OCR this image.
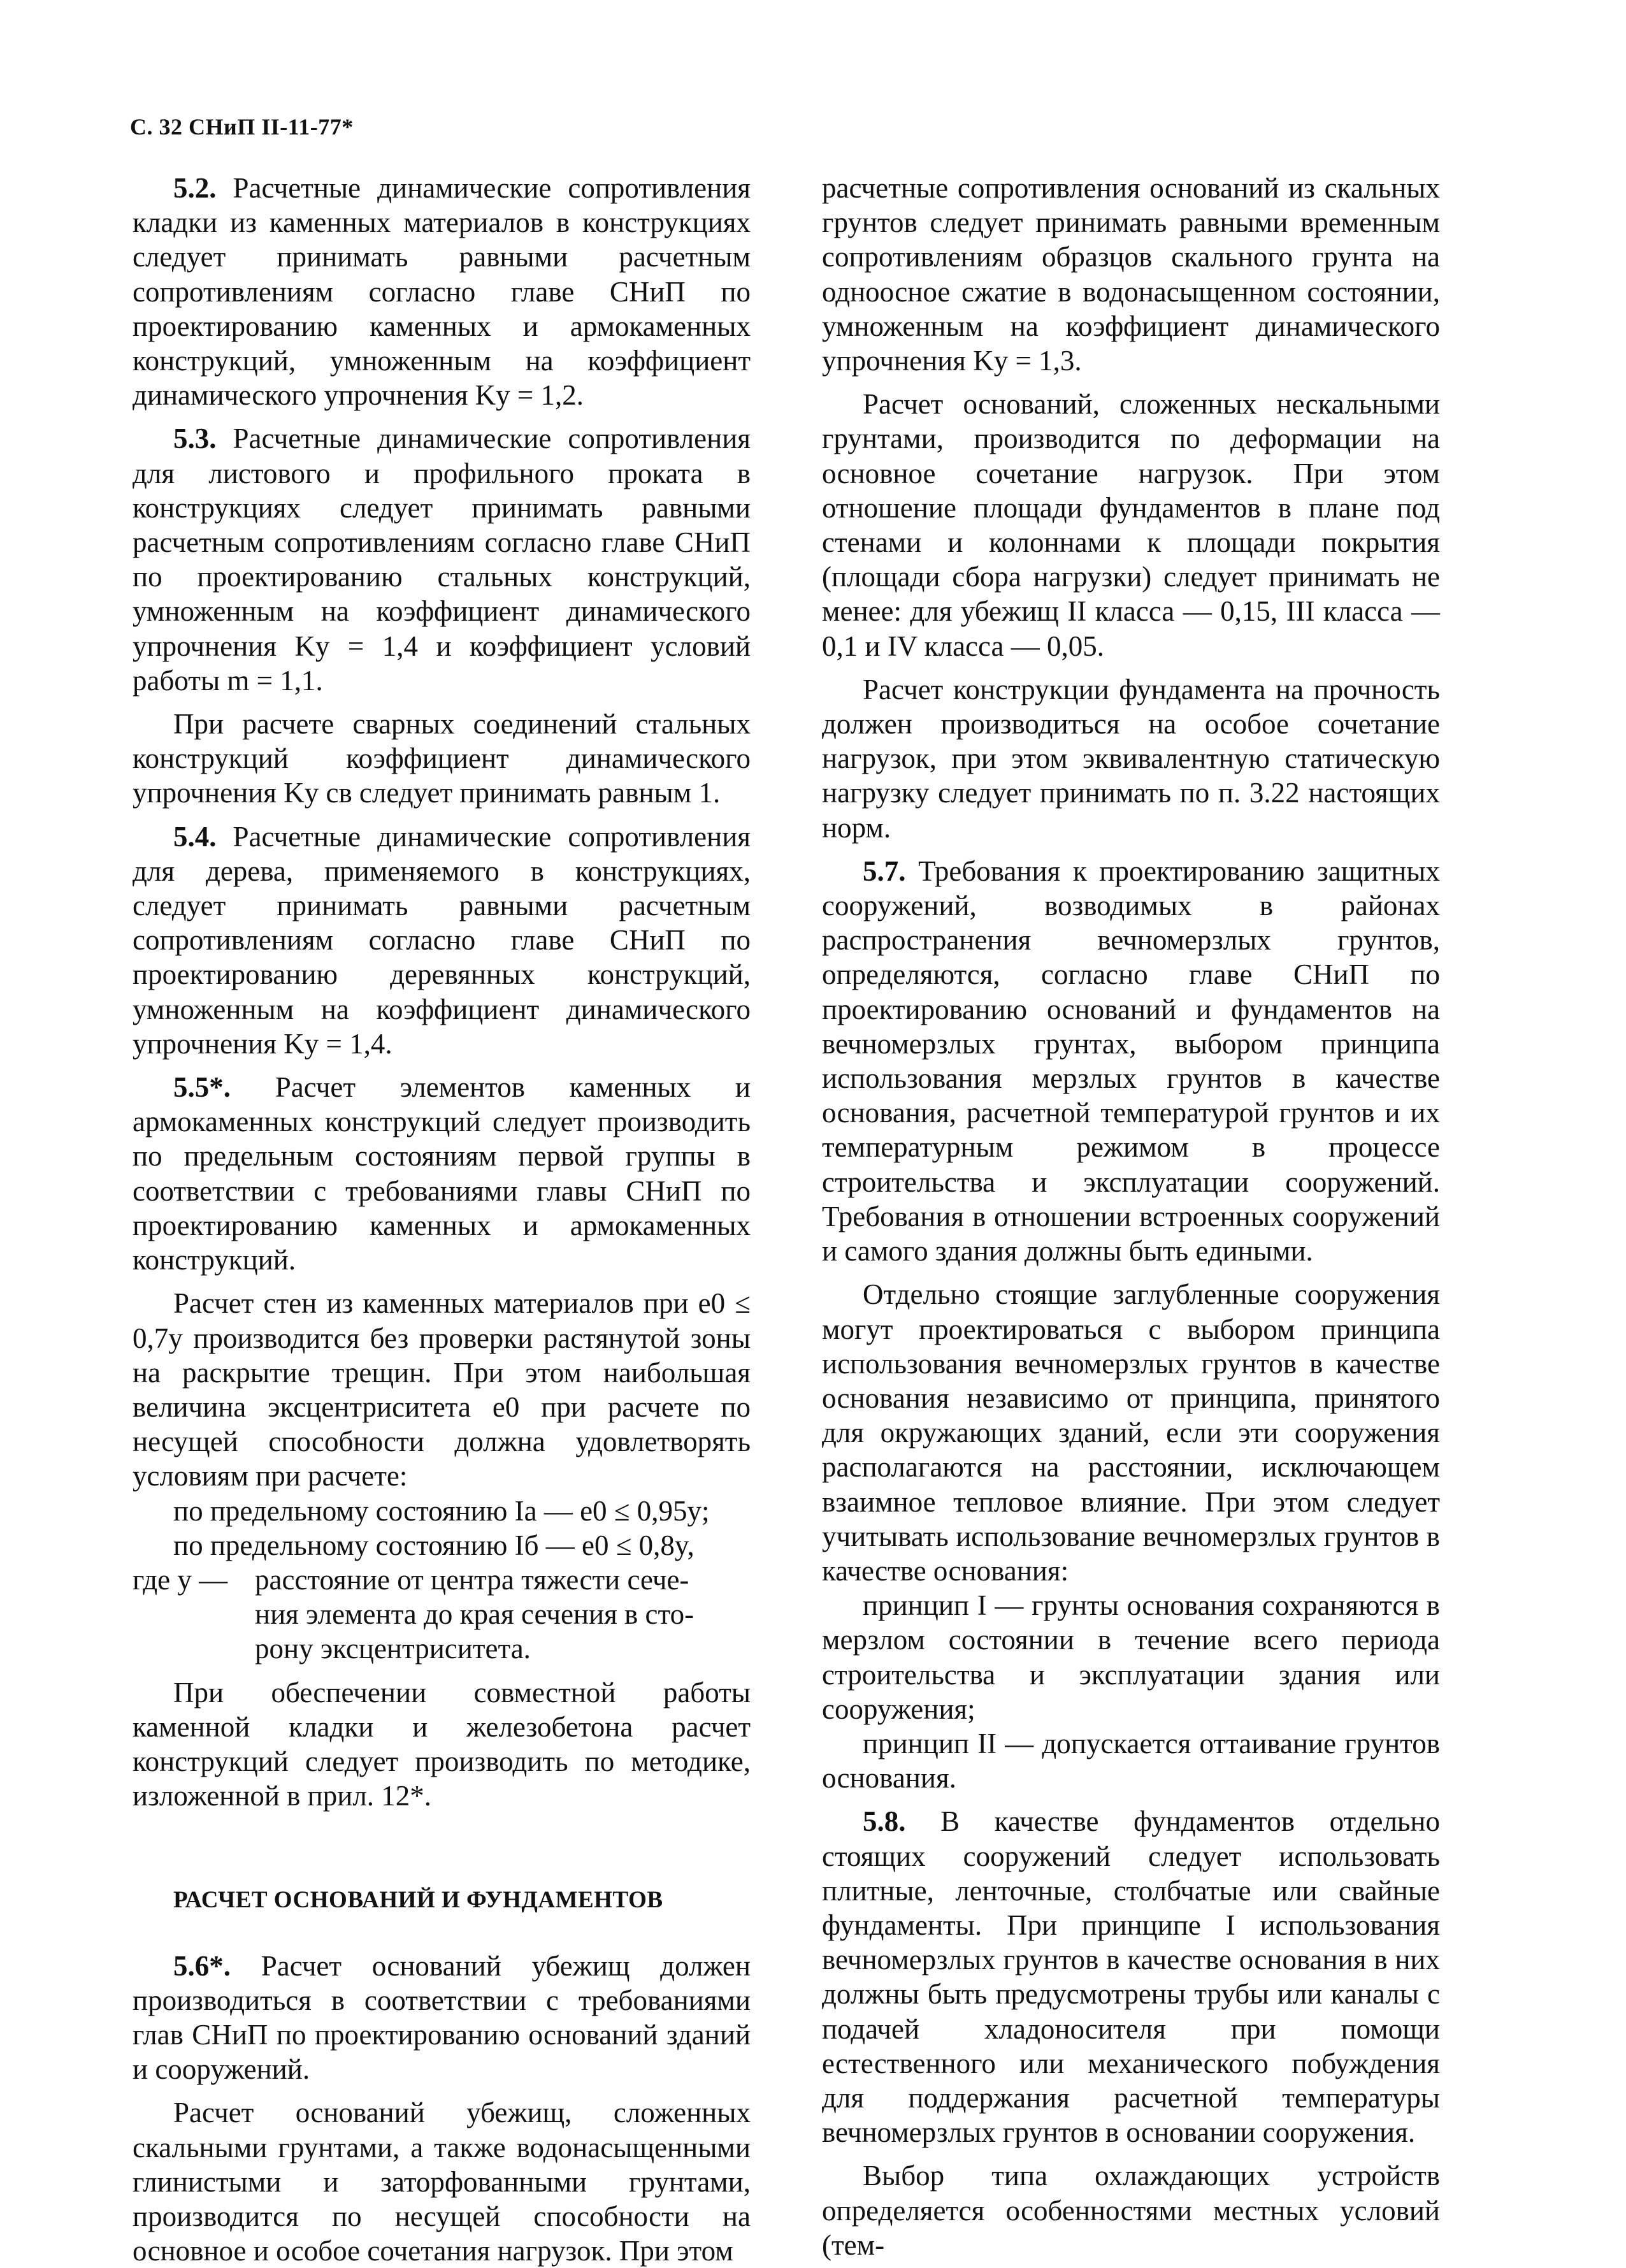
С. 32 СНиП II-11-77*

5.2. Расчетные динамические сопротивления кладки из каменных материалов в конструкциях следует принимать равными расчетным сопротивлениям согласно главе СНиП по проектированию каменных и армокаменных конструкций, умноженным на коэффициент динамического упрочнения Kу = 1,2.

5.3. Расчетные динамические сопротивления для листового и профильного проката в конструкциях следует принимать равными расчетным сопротивлениям согласно главе СНиП по проектированию стальных конструкций, умноженным на коэффициент динамического упрочнения Kу = 1,4 и коэффициент условий работы m = 1,1.

При расчете сварных соединений стальных конструкций коэффициент динамического упрочнения Kу св следует принимать равным 1.

5.4. Расчетные динамические сопротивления для дерева, применяемого в конструкциях, следует принимать равными расчетным сопротивлениям согласно главе СНиП по проектированию деревянных конструкций, умноженным на коэффициент динамического упрочнения Kу = 1,4.

5.5*. Расчет элементов каменных и армокаменных конструкций следует производить по предельным состояниям первой группы в соответствии с требованиями главы СНиП по проектированию каменных и армокаменных конструкций.

Расчет стен из каменных материалов при e0 ≤ 0,7y производится без проверки растянутой зоны на раскрытие трещин. При этом наибольшая величина эксцентриситета e0 при расчете по несущей способности должна удовлетворять условиям при расчете:

по предельному состоянию Iа — e0 ≤ 0,95y;

по предельному состоянию Iб — e0 ≤ 0,8y,

где y — расстояние от центра тяжести сече-
ния элемента до края сечения в сто-
рону эксцентриситета.

При обеспечении совместной работы каменной кладки и железобетона расчет конструкций следует производить по методике, изложенной в прил. 12*.

РАСЧЕТ ОСНОВАНИЙ И ФУНДАМЕНТОВ

5.6*. Расчет оснований убежищ должен производиться в соответствии с требованиями глав СНиП по проектированию оснований зданий и сооружений.

Расчет оснований убежищ, сложенных скальными грунтами, а также водонасыщенными глинистыми и заторфованными грунтами, производится по несущей способности на основное и особое сочетания нагрузок. При этом

расчетные сопротивления оснований из скальных грунтов следует принимать равными временным сопротивлениям образцов скального грунта на одноосное сжатие в водонасыщенном состоянии, умноженным на коэффициент динамического упрочнения Kу = 1,3.

Расчет оснований, сложенных нескальными грунтами, производится по деформации на основное сочетание нагрузок. При этом отношение площади фундаментов в плане под стенами и колоннами к площади покрытия (площади сбора нагрузки) следует принимать не менее: для убежищ II класса — 0,15, III класса — 0,1 и IV класса — 0,05.

Расчет конструкции фундамента на прочность должен производиться на особое сочетание нагрузок, при этом эквивалентную статическую нагрузку следует принимать по п. 3.22 настоящих норм.

5.7. Требования к проектированию защитных сооружений, возводимых в районах распространения вечномерзлых грунтов, определяются, согласно главе СНиП по проектированию оснований и фундаментов на вечномерзлых грунтах, выбором принципа использования мерзлых грунтов в качестве основания, расчетной температурой грунтов и их температурным режимом в процессе строительства и эксплуатации сооружений. Требования в отношении встроенных сооружений и самого здания должны быть едиными.

Отдельно стоящие заглубленные сооружения могут проектироваться с выбором принципа использования вечномерзлых грунтов в качестве основания независимо от принципа, принятого для окружающих зданий, если эти сооружения располагаются на расстоянии, исключающем взаимное тепловое влияние. При этом следует учитывать использование вечномерзлых грунтов в качестве основания:

принцип I — грунты основания сохраняются в мерзлом состоянии в течение всего периода строительства и эксплуатации здания или сооружения;

принцип II — допускается оттаивание грунтов основания.

5.8. В качестве фундаментов отдельно стоящих сооружений следует использовать плитные, ленточные, столбчатые или свайные фундаменты. При принципе I использования вечномерзлых грунтов в качестве основания в них должны быть предусмотрены трубы или каналы с подачей хладоносителя при помощи естественного или механического побуждения для поддержания расчетной температуры вечномерзлых грунтов в основании сооружения.

Выбор типа охлаждающих устройств определяется особенностями местных условий (тем-
